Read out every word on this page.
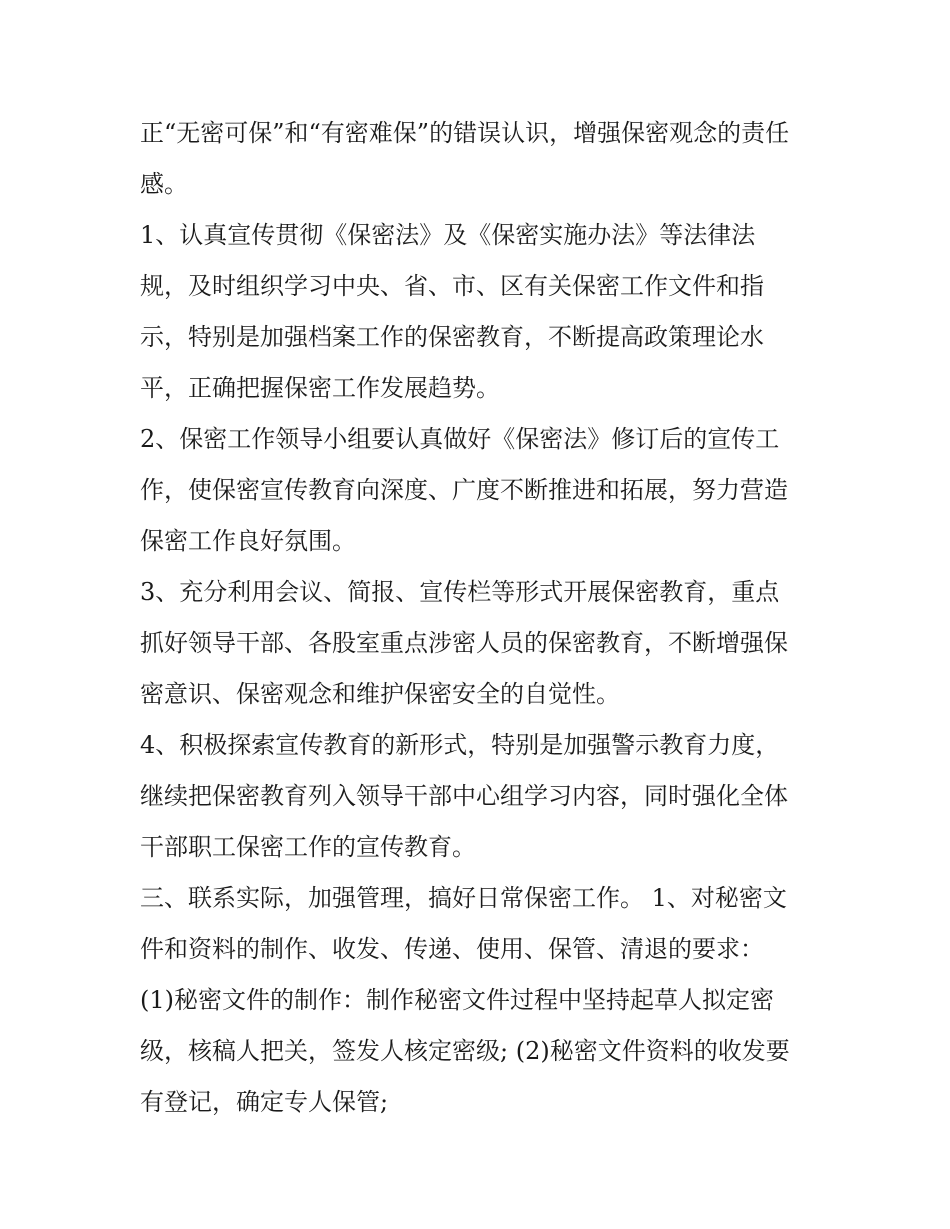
正“无密可保”和“有密难保”的错误认识，增强保密观念的责任
感。
1、认真宣传贯彻《保密法》及《保密实施办法》等法律法
规，及时组织学习中央、省、市、区有关保密工作文件和指
示，特别是加强档案工作的保密教育，不断提高政策理论水
平，正确把握保密工作发展趋势。
2、保密工作领导小组要认真做好《保密法》修订后的宣传工
作，使保密宣传教育向深度、广度不断推进和拓展，努力营造
保密工作良好氛围。
3、充分利用会议、简报、宣传栏等形式开展保密教育，重点
抓好领导干部、各股室重点涉密人员的保密教育，不断增强保
密意识、保密观念和维护保密安全的自觉性。
4、积极探索宣传教育的新形式，特别是加强警示教育力度，
继续把保密教育列入领导干部中心组学习内容，同时强化全体
干部职工保密工作的宣传教育。
三、联系实际，加强管理，搞好日常保密工作。 1、对秘密文
件和资料的制作、收发、传递、使用、保管、清退的要求：
(1)秘密文件的制作：制作秘密文件过程中坚持起草人拟定密
级，核稿人把关，签发人核定密级; (2)秘密文件资料的收发要
有登记，确定专人保管;
